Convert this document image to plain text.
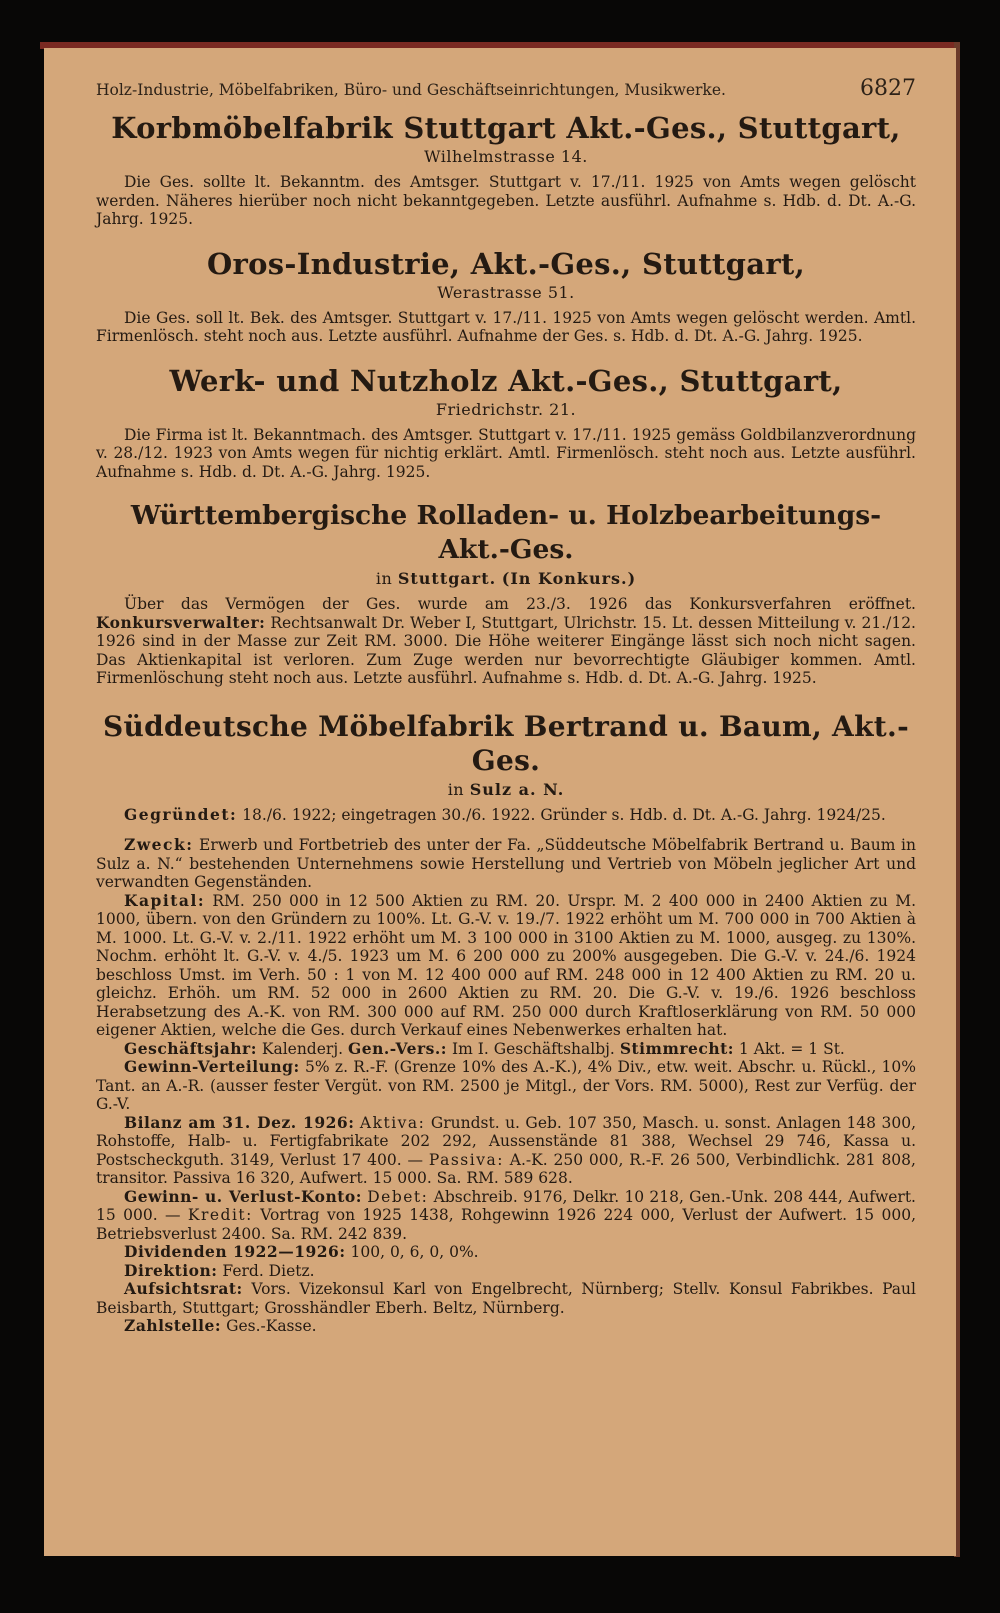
Holz-Industrie, Möbelfabriken, Büro- und Geschäftseinrichtungen, Musikwerke.	6827
Korbmöbelfabrik Stuttgart Akt.-Ges., Stuttgart,
Wilhelmstrasse 14.

Die Ges. sollte lt. Bekanntm. des Amtsger. Stuttgart v. 17./11. 1925 von Amts wegen gelöscht werden. Näheres hierüber noch nicht bekanntgegeben. Letzte ausführl. Aufnahme s. Hdb. d. Dt. A.-G. Jahrg. 1925.

Oros-Industrie, Akt.-Ges., Stuttgart,
Werastrasse 51.

Die Ges. soll lt. Bek. des Amtsger. Stuttgart v. 17./11. 1925 von Amts wegen gelöscht werden. Amtl. Firmenlösch. steht noch aus. Letzte ausführl. Aufnahme der Ges. s. Hdb. d. Dt. A.-G. Jahrg. 1925.

Werk- und Nutzholz Akt.-Ges., Stuttgart,
Friedrichstr. 21.

Die Firma ist lt. Bekanntmach. des Amtsger. Stuttgart v. 17./11. 1925 gemäss Goldbilanzverordnung v. 28./12. 1923 von Amts wegen für nichtig erklärt. Amtl. Firmenlösch. steht noch aus. Letzte ausführl. Aufnahme s. Hdb. d. Dt. A.-G. Jahrg. 1925.

Württembergische Rolladen- u. Holzbearbeitungs-Akt.-Ges.
in Stuttgart. (In Konkurs.)

Über das Vermögen der Ges. wurde am 23./3. 1926 das Konkursverfahren eröffnet. Konkursverwalter: Rechtsanwalt Dr. Weber I, Stuttgart, Ulrichstr. 15. Lt. dessen Mitteilung v. 21./12. 1926 sind in der Masse zur Zeit RM. 3000. Die Höhe weiterer Eingänge lässt sich noch nicht sagen. Das Aktienkapital ist verloren. Zum Zuge werden nur bevorrechtigte Gläubiger kommen. Amtl. Firmenlöschung steht noch aus. Letzte ausführl. Aufnahme s. Hdb. d. Dt. A.-G. Jahrg. 1925.

Süddeutsche Möbelfabrik Bertrand u. Baum, Akt.-Ges.
in Sulz a. N.

Gegründet: 18./6. 1922; eingetragen 30./6. 1922. Gründer s. Hdb. d. Dt. A.-G. Jahrg. 1924/25.

Zweck: Erwerb und Fortbetrieb des unter der Fa. „Süddeutsche Möbelfabrik Bertrand u. Baum in Sulz a. N.“ bestehenden Unternehmens sowie Herstellung und Vertrieb von Möbeln jeglicher Art und verwandten Gegenständen.

Kapital: RM. 250 000 in 12 500 Aktien zu RM. 20. Urspr. M. 2 400 000 in 2400 Aktien zu M. 1000, übern. von den Gründern zu 100%. Lt. G.-V. v. 19./7. 1922 erhöht um M. 700 000 in 700 Aktien à M. 1000. Lt. G.-V. v. 2./11. 1922 erhöht um M. 3 100 000 in 3100 Aktien zu M. 1000, ausgeg. zu 130%. Nochm. erhöht lt. G.-V. v. 4./5. 1923 um M. 6 200 000 zu 200% ausgegeben. Die G.-V. v. 24./6. 1924 beschloss Umst. im Verh. 50 : 1 von M. 12 400 000 auf RM. 248 000 in 12 400 Aktien zu RM. 20 u. gleichz. Erhöh. um RM. 52 000 in 2600 Aktien zu RM. 20. Die G.-V. v. 19./6. 1926 beschloss Herabsetzung des A.-K. von RM. 300 000 auf RM. 250 000 durch Kraftloserklärung von RM. 50 000 eigener Aktien, welche die Ges. durch Verkauf eines Nebenwerkes erhalten hat.

Geschäftsjahr: Kalenderj. Gen.-Vers.: Im I. Geschäftshalbj. Stimmrecht: 1 Akt. = 1 St.

Gewinn-Verteilung: 5% z. R.-F. (Grenze 10% des A.-K.), 4% Div., etw. weit. Abschr. u. Rückl., 10% Tant. an A.-R. (ausser fester Vergüt. von RM. 2500 je Mitgl., der Vors. RM. 5000), Rest zur Verfüg. der G.-V.

Bilanz am 31. Dez. 1926: Aktiva: Grundst. u. Geb. 107 350, Masch. u. sonst. Anlagen 148 300, Rohstoffe, Halb- u. Fertigfabrikate 202 292, Aussenstände 81 388, Wechsel 29 746, Kassa u. Postscheckguth. 3149, Verlust 17 400. — Passiva: A.-K. 250 000, R.-F. 26 500, Verbindlichk. 281 808, transitor. Passiva 16 320, Aufwert. 15 000. Sa. RM. 589 628.

Gewinn- u. Verlust-Konto: Debet: Abschreib. 9176, Delkr. 10 218, Gen.-Unk. 208 444, Aufwert. 15 000. — Kredit: Vortrag von 1925 1438, Rohgewinn 1926 224 000, Verlust der Aufwert. 15 000, Betriebsverlust 2400. Sa. RM. 242 839.

Dividenden 1922—1926: 100, 0, 6, 0, 0%.

Direktion: Ferd. Dietz.

Aufsichtsrat: Vors. Vizekonsul Karl von Engelbrecht, Nürnberg; Stellv. Konsul Fabrikbes. Paul Beisbarth, Stuttgart; Grosshändler Eberh. Beltz, Nürnberg.

Zahlstelle: Ges.-Kasse.
